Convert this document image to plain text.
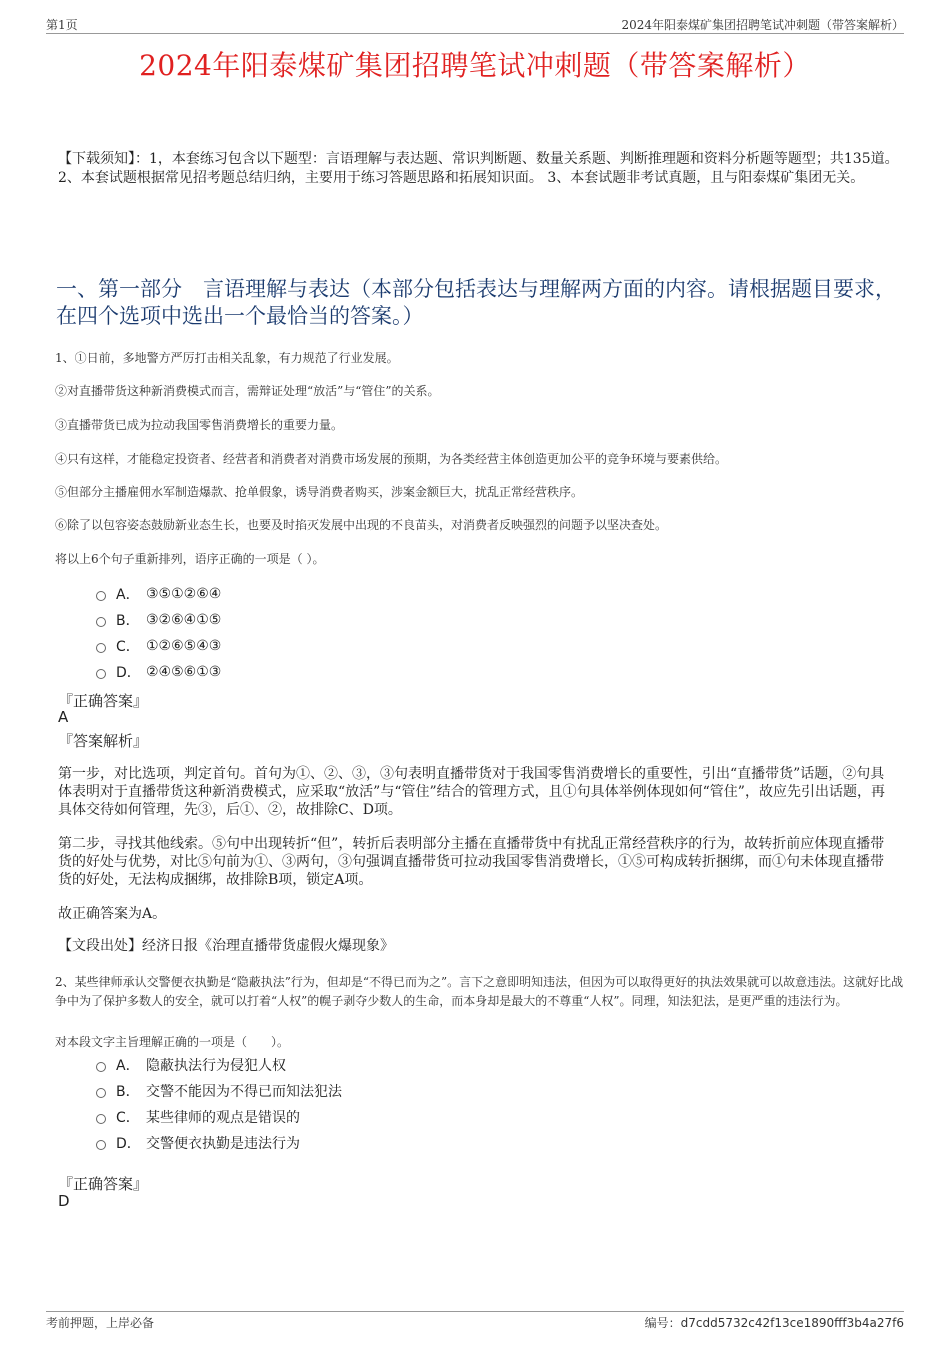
第1页	2024年阳泰煤矿集团招聘笔试冲刺题（带答案解析）
2024年阳泰煤矿集团招聘笔试冲刺题（带答案解析）
【下载须知】：1，本套练习包含以下题型：言语理解与表达题、常识判断题、数量关系题、判断推理题和资料分析题等题型；共135道。 2、本套试题根据常见招考题总结归纳，主要用于练习答题思路和拓展知识面。 3、本套试题非考试真题，且与阳泰煤矿集团无关。
一、第一部分　言语理解与表达（本部分包括表达与理解两方面的内容。请根据题目要求，在四个选项中选出一个最恰当的答案。）
1、①日前，多地警方严厉打击相关乱象，有力规范了行业发展。
②对直播带货这种新消费模式而言，需辩证处理“放活”与“管住”的关系。
③直播带货已成为拉动我国零售消费增长的重要力量。
④只有这样，才能稳定投资者、经营者和消费者对消费市场发展的预期，为各类经营主体创造更加公平的竞争环境与要素供给。
⑤但部分主播雇佣水军制造爆款、抢单假象，诱导消费者购买，涉案金额巨大，扰乱正常经营秩序。
⑥除了以包容姿态鼓励新业态生长，也要及时掐灭发展中出现的不良苗头，对消费者反映强烈的问题予以坚决查处。
将以上6个句子重新排列，语序正确的一项是（ ）。
A． ③⑤①②⑥④
B． ③②⑥④①⑤
C． ①②⑥⑤④③
D． ②④⑤⑥①③
『正确答案』
A
『答案解析』
第一步，对比选项，判定首句。首句为①、②、③，③句表明直播带货对于我国零售消费增长的重要性，引出“直播带货”话题，②句具体表明对于直播带货这种新消费模式，应采取“放活”与“管住”结合的管理方式，且①句具体举例体现如何“管住”，故应先引出话题，再具体交待如何管理，先③，后①、②，故排除C、D项。
第二步，寻找其他线索。⑤句中出现转折“但”，转折后表明部分主播在直播带货中有扰乱正常经营秩序的行为，故转折前应体现直播带货的好处与优势，对比⑤句前为①、③两句，③句强调直播带货可拉动我国零售消费增长，①⑤可构成转折捆绑，而①句未体现直播带货的好处，无法构成捆绑，故排除B项，锁定A项。
故正确答案为A。
【文段出处】经济日报《治理直播带货虚假火爆现象》
2、某些律师承认交警便衣执勤是“隐蔽执法”行为，但却是“不得已而为之”。言下之意即明知违法，但因为可以取得更好的执法效果就可以故意违法。这就好比战争中为了保护多数人的安全，就可以打着“人权”的幌子剥夺少数人的生命，而本身却是最大的不尊重“人权”。同理，知法犯法，是更严重的违法行为。
对本段文字主旨理解正确的一项是（　　）。
A． 隐蔽执法行为侵犯人权
B． 交警不能因为不得已而知法犯法
C． 某些律师的观点是错误的
D． 交警便衣执勤是违法行为
『正确答案』
D
考前押题，上岸必备	编号：d7cdd5732c42f13ce1890fff3b4a27f6
